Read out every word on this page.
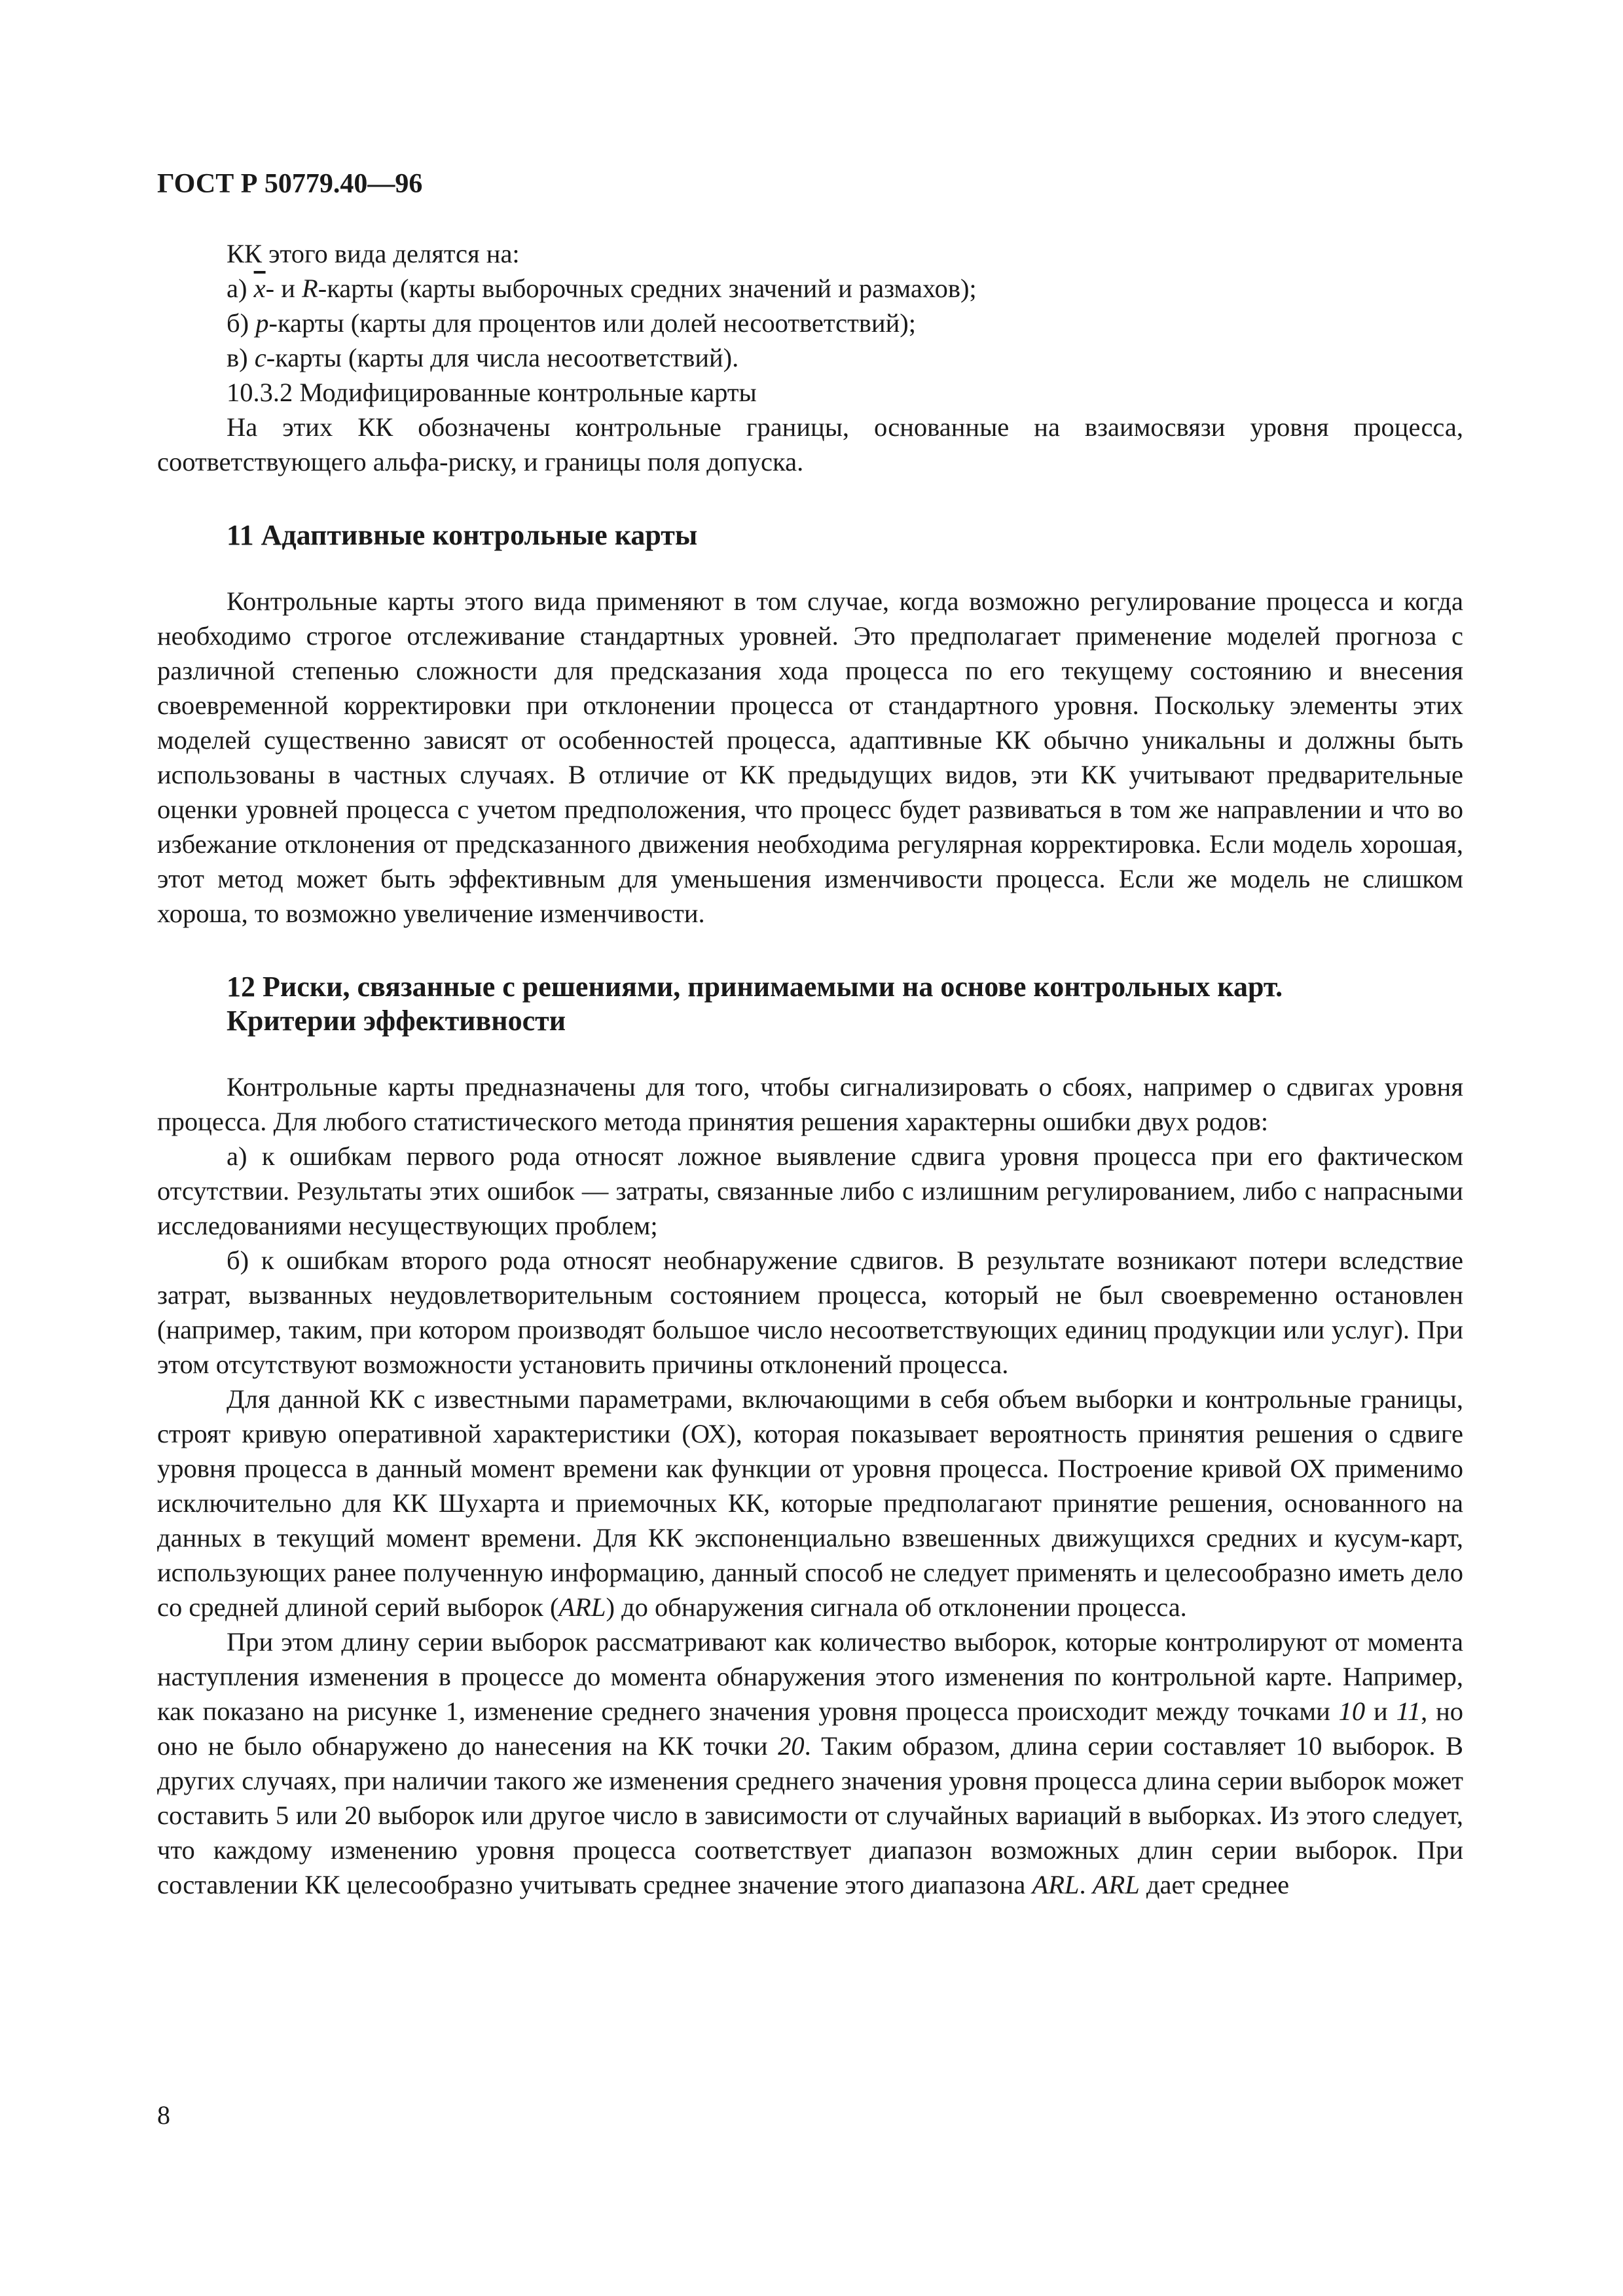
ГОСТ Р 50779.40—96
КК этого вида делятся на:
а) $\overline{x}-$ и R-карты (карты выборочных средних значений и размахов);
б) p-карты (карты для процентов или долей несоответствий);
в) c-карты (карты для числа несоответствий).
10.3.2 Модифицированные контрольные карты

На этих КК обозначены контрольные границы, основанные на взаимосвязи уровня процесса, соответствующего альфа-риску, и границы поля допуска.

11 Адаптивные контрольные карты

Контрольные карты этого вида применяют в том случае, когда возможно регулирование процесса и когда необходимо строгое отслеживание стандартных уровней. Это предполагает применение моделей прогноза с различной степенью сложности для предсказания хода процесса по его текущему состоянию и внесения своевременной корректировки при отклонении процесса от стандартного уровня. Поскольку элементы этих моделей существенно зависят от особенностей процесса, адаптивные КК обычно уникальны и должны быть использованы в частных случаях. В отличие от КК предыдущих видов, эти КК учитывают предварительные оценки уровней процесса с учетом предположения, что процесс будет развиваться в том же направлении и что во избежание отклонения от предсказанного движения необходима регулярная корректировка. Если модель хорошая, этот метод может быть эффективным для уменьшения изменчивости процесса. Если же модель не слишком хороша, то возможно увеличение изменчивости.

12 Риски, связанные с решениями, принимаемыми на основе контрольных карт.
Критерии эффективности

Контрольные карты предназначены для того, чтобы сигнализировать о сбоях, например о сдвигах уровня процесса. Для любого статистического метода принятия решения характерны ошибки двух родов:

а) к ошибкам первого рода относят ложное выявление сдвига уровня процесса при его фактическом отсутствии. Результаты этих ошибок — затраты, связанные либо с излишним регулированием, либо с напрасными исследованиями несуществующих проблем;

б) к ошибкам второго рода относят необнаружение сдвигов. В результате возникают потери вследствие затрат, вызванных неудовлетворительным состоянием процесса, который не был своевременно остановлен (например, таким, при котором производят большое число несоответствующих единиц продукции или услуг). При этом отсутствуют возможности установить причины отклонений процесса.

Для данной КК с известными параметрами, включающими в себя объем выборки и контрольные границы, строят кривую оперативной характеристики (ОХ), которая показывает вероятность принятия решения о сдвиге уровня процесса в данный момент времени как функции от уровня процесса. Построение кривой ОХ применимо исключительно для КК Шухарта и приемочных КК, которые предполагают принятие решения, основанного на данных в текущий момент времени. Для КК экспоненциально взвешенных движущихся средних и кусум-карт, использующих ранее полученную информацию, данный способ не следует применять и целесообразно иметь дело со средней длиной серий выборок (ARL) до обнаружения сигнала об отклонении процесса.

При этом длину серии выборок рассматривают как количество выборок, которые контролируют от момента наступления изменения в процессе до момента обнаружения этого изменения по контрольной карте. Например, как показано на рисунке 1, изменение среднего значения уровня процесса происходит между точками 10 и 11, но оно не было обнаружено до нанесения на КК точки 20. Таким образом, длина серии составляет 10 выборок. В других случаях, при наличии такого же изменения среднего значения уровня процесса длина серии выборок может составить 5 или 20 выборок или другое число в зависимости от случайных вариаций в выборках. Из этого следует, что каждому изменению уровня процесса соответствует диапазон возможных длин серии выборок. При составлении КК целесообразно учитывать среднее значение этого диапазона ARL. ARL дает среднее

8
